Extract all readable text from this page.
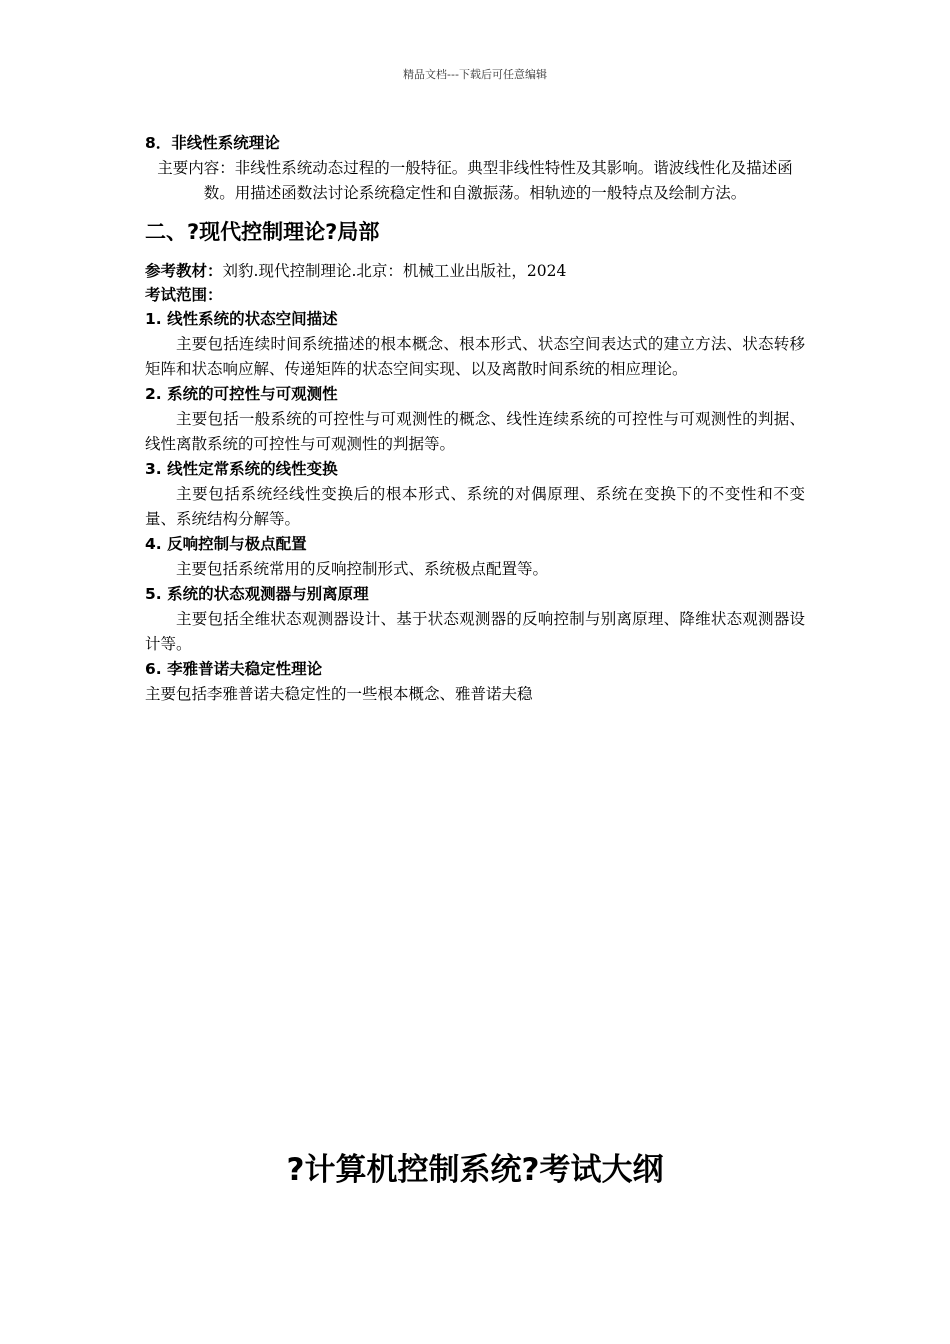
精品文档---下载后可任意编辑

8．非线性系统理论

主要内容：非线性系统动态过程的一般特征。典型非线性特性及其影响。谐波线性化及描述函数。用描述函数法讨论系统稳定性和自激振荡。相轨迹的一般特点及绘制方法。

二、?现代控制理论?局部

参考教材：刘豹.现代控制理论.北京：机械工业出版社，2024

考试范围：

1. 线性系统的状态空间描述

主要包括连续时间系统描述的根本概念、根本形式、状态空间表达式的建立方法、状态转移矩阵和状态响应解、传递矩阵的状态空间实现、以及离散时间系统的相应理论。

2. 系统的可控性与可观测性

主要包括一般系统的可控性与可观测性的概念、线性连续系统的可控性与可观测性的判据、线性离散系统的可控性与可观测性的判据等。

3. 线性定常系统的线性变换

主要包括系统经线性变换后的根本形式、系统的对偶原理、系统在变换下的不变性和不变量、系统结构分解等。

4. 反响控制与极点配置

主要包括系统常用的反响控制形式、系统极点配置等。

5. 系统的状态观测器与别离原理

主要包括全维状态观测器设计、基于状态观测器的反响控制与别离原理、降维状态观测器设计等。

6. 李雅普诺夫稳定性理论

主要包括李雅普诺夫稳定性的一些根本概念、雅普诺夫稳

?计算机控制系统?考试大纲
